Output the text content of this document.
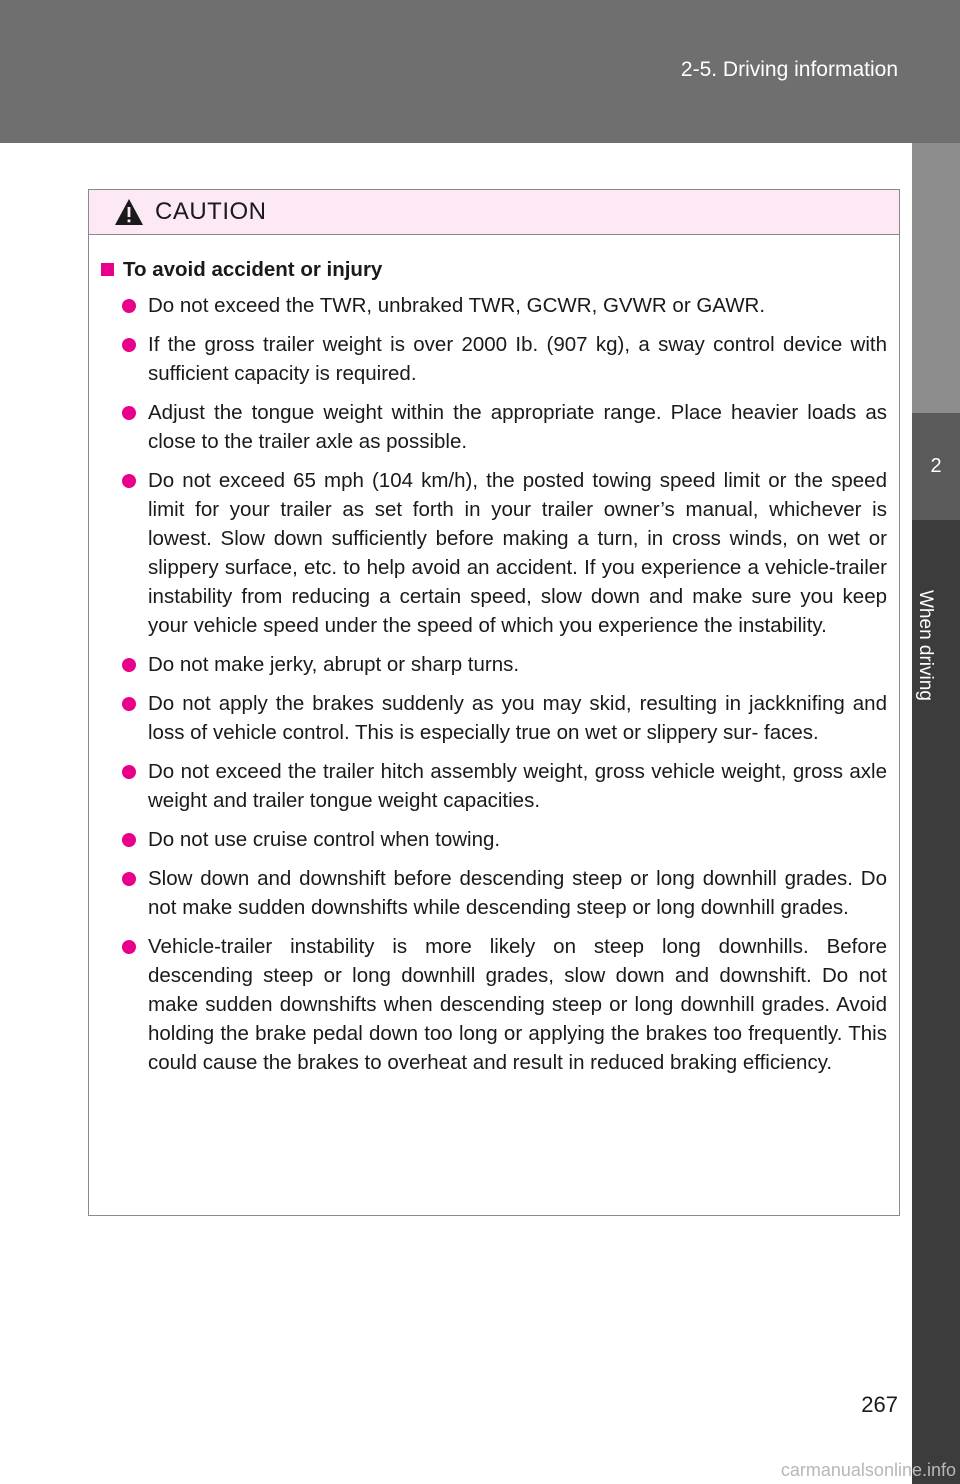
2-5. Driving information
2
When driving
CAUTION
To avoid accident or injury
Do not exceed the TWR, unbraked TWR, GCWR, GVWR or GAWR.
If the gross trailer weight is over 2000 Ib. (907 kg), a sway control device with sufficient capacity is required.
Adjust the tongue weight within the appropriate range. Place heavier loads as close to the trailer axle as possible.
Do not exceed 65 mph (104 km/h), the posted towing speed limit or the speed limit for your trailer as set forth in your trailer owner’s manual, whichever is lowest. Slow down sufficiently before making a turn, in cross winds, on wet or slippery surface, etc. to help avoid an accident. If you experience a vehicle-trailer instability from reducing a certain speed, slow down and make sure you keep your vehicle speed under the speed of which you experience the instability.
Do not make jerky, abrupt or sharp turns.
Do not apply the brakes suddenly as you may skid, resulting in jackknifing and loss of vehicle control. This is especially true on wet or slippery sur- faces.
Do not exceed the trailer hitch assembly weight, gross vehicle weight, gross axle weight and trailer tongue weight capacities.
Do not use cruise control when towing.
Slow down and downshift before descending steep or long downhill grades. Do not make sudden downshifts while descending steep or long downhill grades.
Vehicle-trailer instability is more likely on steep long downhills. Before descending steep or long downhill grades, slow down and downshift. Do not make sudden downshifts when descending steep or long downhill grades. Avoid holding the brake pedal down too long or applying the brakes too frequently. This could cause the brakes to overheat and result in reduced braking efficiency.
267
carmanualsonline.info
